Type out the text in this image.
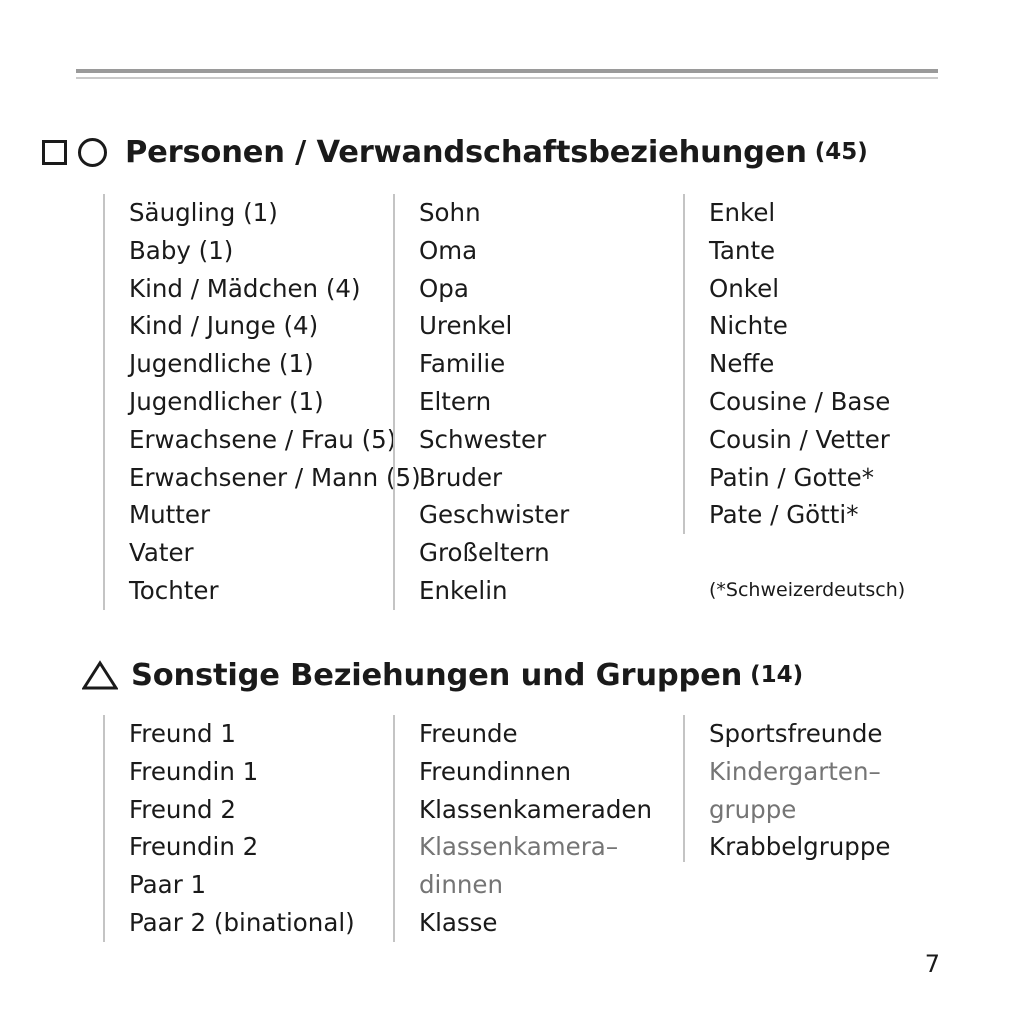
Personen / Verwandschaftsbeziehungen (45)
Säugling (1)
Baby (1)
Kind / Mädchen (4)
Kind / Junge (4)
Jugendliche (1)
Jugendlicher (1)
Erwachsene / Frau (5)
Erwachsener / Mann (5)
Mutter
Vater
Tochter
Sohn
Oma
Opa
Urenkel
Familie
Eltern
Schwester
Bruder
Geschwister
Großeltern
Enkelin
Enkel
Tante
Onkel
Nichte
Neffe
Cousine / Base
Cousin / Vetter
Patin / Gotte*
Pate / Götti*
(*Schweizerdeutsch)
Sonstige Beziehungen und Gruppen (14)
Freund 1
Freundin 1
Freund 2
Freundin 2
Paar 1
Paar 2 (binational)
Freunde
Freundinnen
Klassenkameraden
Klassenkamera– dinnen
Klasse
Sportsfreunde
Kindergarten– gruppe
Krabbelgruppe
7
